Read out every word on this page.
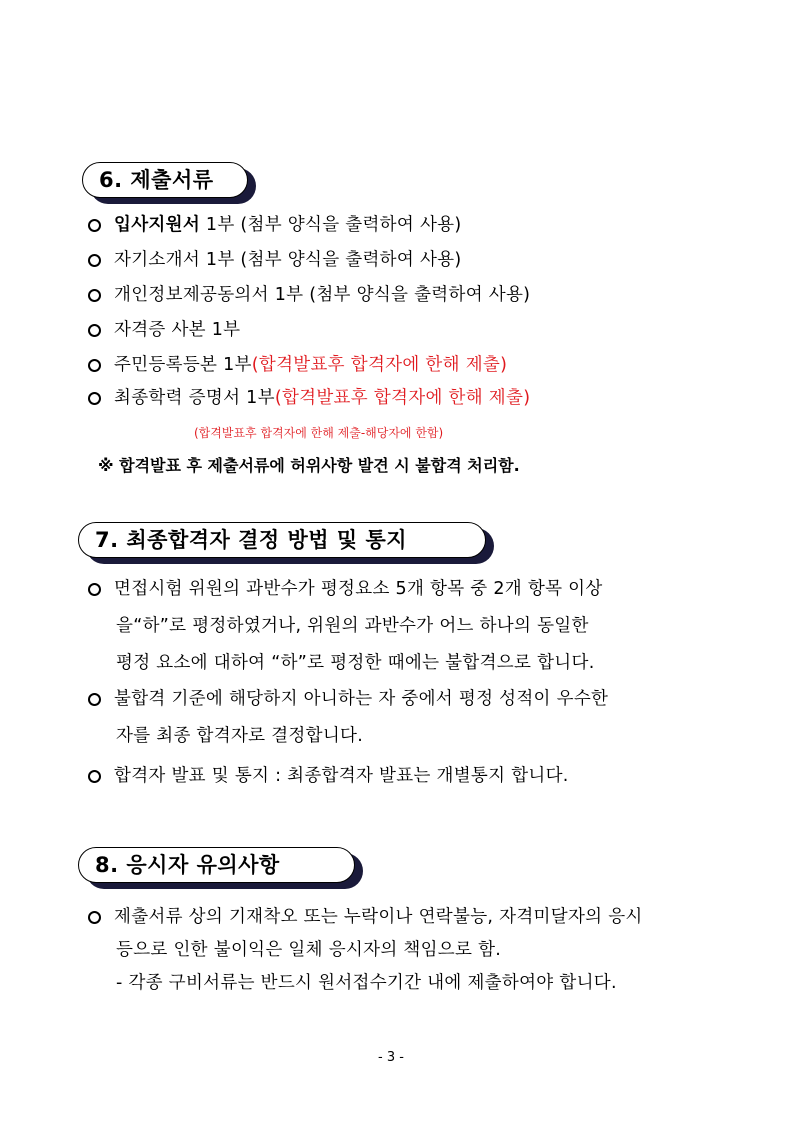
6. 제출서류
입사지원서 1부 (첨부 양식을 출력하여 사용)
자기소개서 1부 (첨부 양식을 출력하여 사용)
개인정보제공동의서 1부 (첨부 양식을 출력하여 사용)
자격증 사본 1부
주민등록등본 1부(합격발표후 합격자에 한해 제출)
최종학력 증명서 1부(합격발표후 합격자에 한해 제출)
(합격발표후 합격자에 한해 제출-해당자에 한함)
※ 합격발표 후 제출서류에 허위사항 발견 시 불합격 처리함.
7. 최종합격자 결정 방법 및 통지
면접시험 위원의 과반수가 평정요소 5개 항목 중 2개 항목 이상
을“하”로 평정하였거나, 위원의 과반수가 어느 하나의 동일한
평정 요소에 대하여 “하”로 평정한 때에는 불합격으로 합니다.
불합격 기준에 해당하지 아니하는 자 중에서 평정 성적이 우수한
자를 최종 합격자로 결정합니다.
합격자 발표 및 통지 : 최종합격자 발표는 개별통지 합니다.
8. 응시자 유의사항
제출서류 상의 기재착오 또는 누락이나 연락불능, 자격미달자의 응시
등으로 인한 불이익은 일체 응시자의 책임으로 함.
- 각종 구비서류는 반드시 원서접수기간 내에 제출하여야 합니다.
- 3 -
